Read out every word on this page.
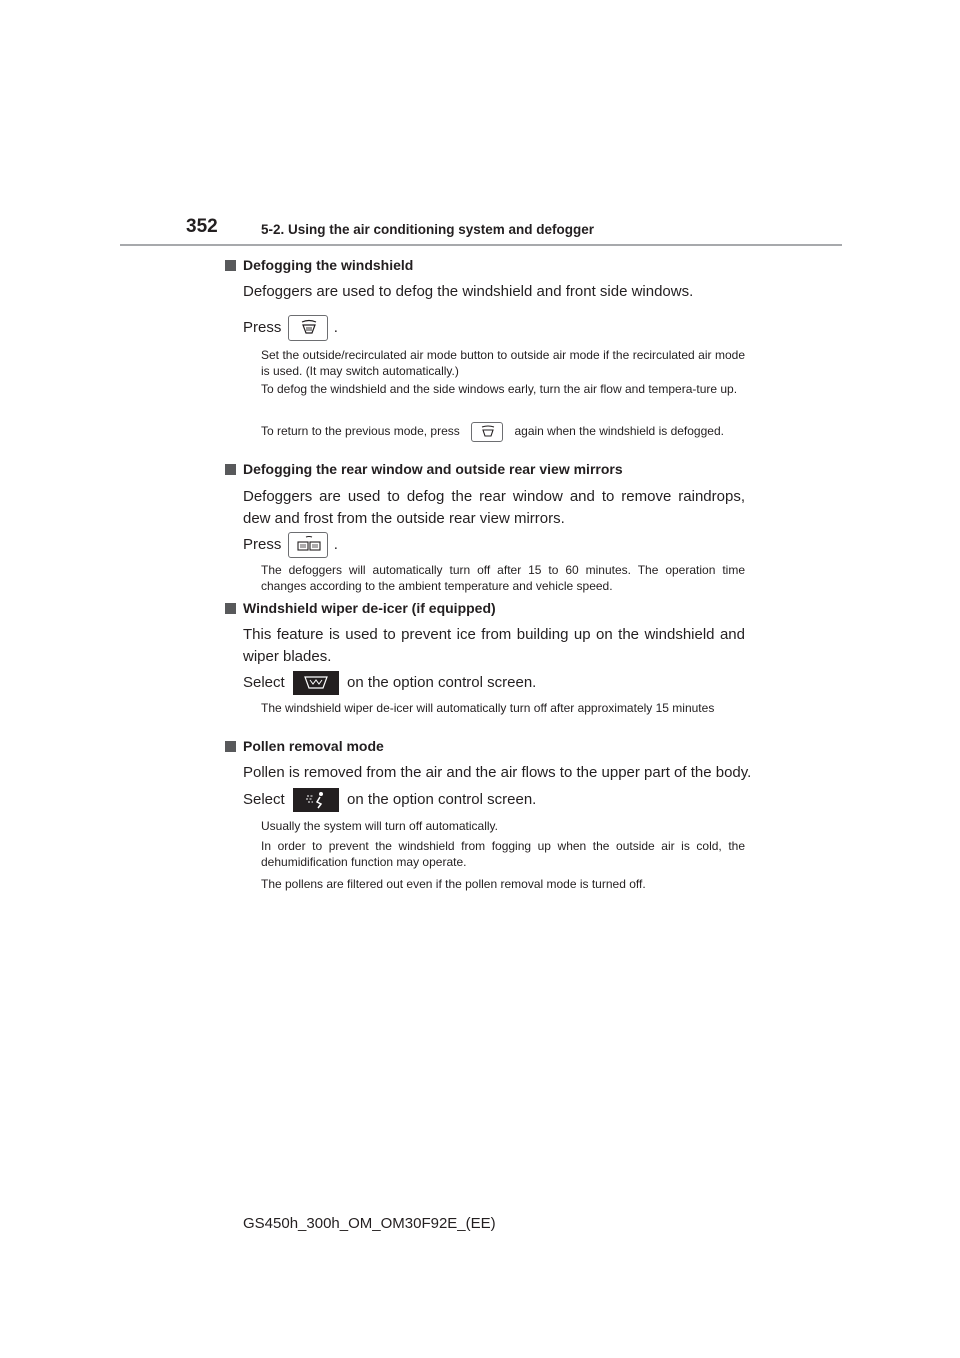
352	5-2. Using the air conditioning system and defogger
Defogging the windshield
Defoggers are used to defog the windshield and front side windows.
Press	.
Set the outside/recirculated air mode button to outside air mode if the recirculated air mode is used. (It may switch automatically.)
To defog the windshield and the side windows early, turn the air flow and tempera-ture up.
To return to the previous mode, press	again when the windshield is defogged.
Defogging the rear window and outside rear view mirrors
Defoggers are used to defog the rear window and to remove raindrops, dew and frost from the outside rear view mirrors.
Press	.
The defoggers will automatically turn off after 15 to 60 minutes. The operation time changes according to the ambient temperature and vehicle speed.
Windshield wiper de-icer (if equipped)
This feature is used to prevent ice from building up on the windshield and wiper blades.
Select	on the option control screen.
The windshield wiper de-icer will automatically turn off after approximately 15 minutes
Pollen removal mode
Pollen is removed from the air and the air flows to the upper part of the body.
Select	on the option control screen.
Usually the system will turn off automatically.
In order to prevent the windshield from fogging up when the outside air is cold, the dehumidification function may operate.
The pollens are filtered out even if the pollen removal mode is turned off.
GS450h_300h_OM_OM30F92E_(EE)
